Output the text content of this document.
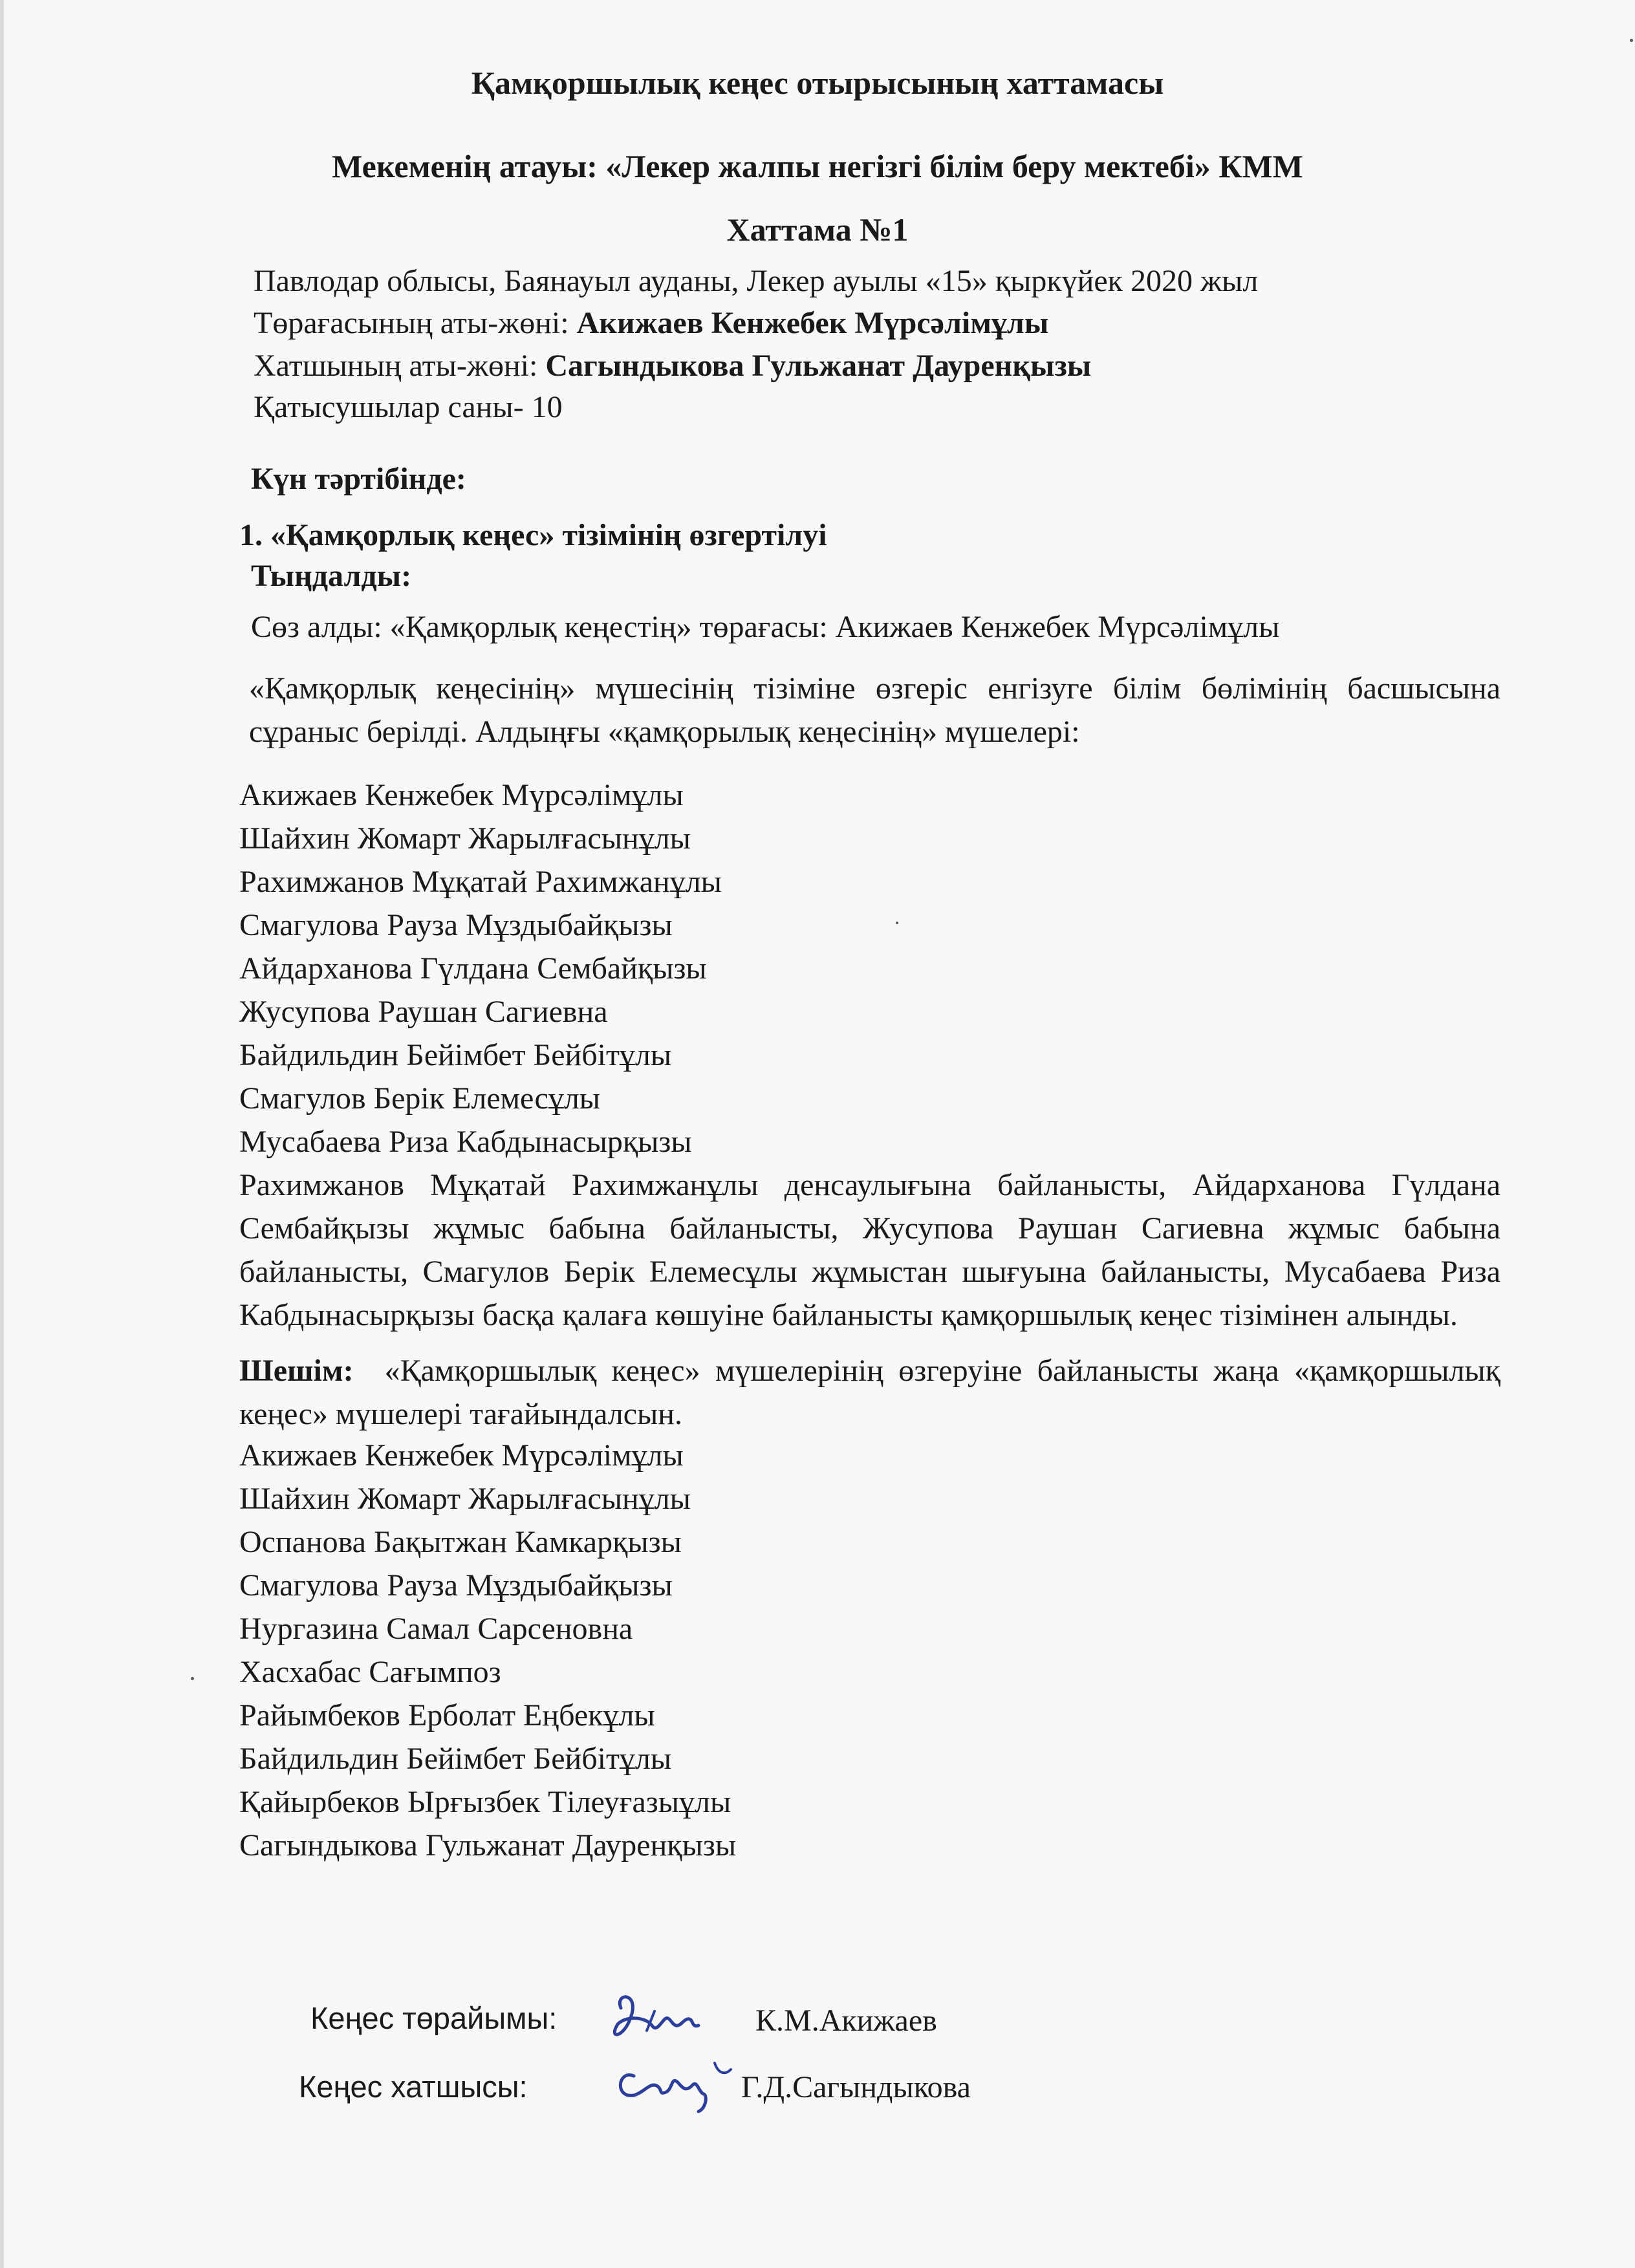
Қамқоршылық кеңес отырысының хаттамасы
Мекеменің атауы: «Лекер жалпы негізгі білім беру мектебі» КММ
Хаттама №1
Павлодар облысы, Баянауыл ауданы, Лекер ауылы «15» қыркүйек 2020 жыл
Төрағасының аты-жөні: Акижаев Кенжебек Мүрсәлімұлы
Хатшының аты-жөні: Сагындыкова Гульжанат Дауренқызы
Қатысушылар саны- 10
Күн тәртібінде:
1. «Қамқорлық кеңес» тізімінің өзгертілуі
Тыңдалды:
Сөз алды: «Қамқорлық кеңестің» төрағасы: Акижаев Кенжебек Мүрсәлімұлы
«Қамқорлық кеңесінің» мүшесінің тізіміне өзгеріс енгізуге білім бөлімінің басшысына сұраныс берілді. Алдыңғы «қамқорылық кеңесінің» мүшелері:
Акижаев Кенжебек Мүрсәлімұлы
Шайхин Жомарт Жарылғасынұлы
Рахимжанов Мұқатай Рахимжанұлы
Смагулова Рауза Мұздыбайқызы
Айдарханова Гүлдана Сембайқызы
Жусупова Раушан Сагиевна
Байдильдин Бейімбет Бейбітұлы
Смагулов Берік Елемесұлы
Мусабаева Риза Кабдынасырқызы
Рахимжанов Мұқатай Рахимжанұлы денсаулығына байланысты, Айдарханова Гүлдана Сембайқызы жұмыс бабына байланысты, Жусупова Раушан Сагиевна жұмыс бабына байланысты, Смагулов Берік Елемесұлы жұмыстан шығуына байланысты, Мусабаева Риза Кабдынасырқызы басқа қалаға көшуіне байланысты қамқоршылық кеңес тізімінен алынды.
Шешім: «Қамқоршылық кеңес» мүшелерінің өзгеруіне байланысты жаңа «қамқоршылық кеңес» мүшелері тағайындалсын.
Акижаев Кенжебек Мүрсәлімұлы
Шайхин Жомарт Жарылғасынұлы
Оспанова Бақытжан Камкарқызы
Смагулова Рауза Мұздыбайқызы
Нургазина Самал Сарсеновна
Хасхабас Сағымпоз
Райымбеков Ерболат Еңбекұлы
Байдильдин Бейімбет Бейбітұлы
Қайырбеков Ырғызбек Тілеуғазыұлы
Сагындыкова Гульжанат Дауренқызы
Кеңес төрайымы:	К.М.Акижаев
Кеңес хатшысы:	Г.Д.Сагындыкова
